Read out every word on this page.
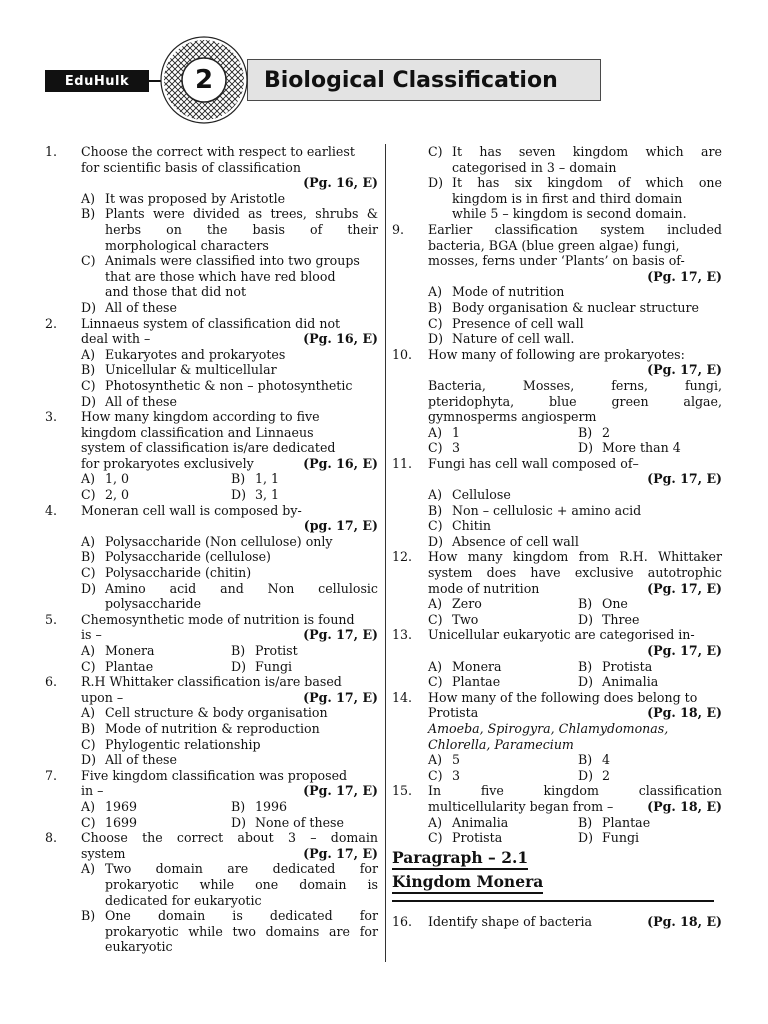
EduHulk	Biological Classification
2
1.	Choose the correct with respect to earliest
for scientific basis of classification
(Pg. 16, E)
A) It was proposed by Aristotle
B) Plants were divided as trees, shrubs &
herbs on the basis of their
morphological characters
C) Animals were classified into two groups
that are those which have red blood
and those that did not
D) All of these
2.	Linnaeus system of classification did not
deal with –	(Pg. 16, E)
A) Eukaryotes and prokaryotes
B) Unicellular & multicellular
C) Photosynthetic & non – photosynthetic
D) All of these
3.	How many kingdom according to five
kingdom classification and Linnaeus
system of classification is/are dedicated
for prokaryotes exclusively	(Pg. 16, E)
A) 1, 0	B) 1, 1
C) 2, 0	D) 3, 1
4.	Moneran cell wall is composed by-
(pg. 17, E)
A) Polysaccharide (Non cellulose) only
B) Polysaccharide (cellulose)
C) Polysaccharide (chitin)
D) Amino acid and Non cellulosic
polysaccharide
5.	Chemosynthetic mode of nutrition is found
is –	(Pg. 17, E)
A) Monera	B) Protist
C) Plantae	D) Fungi
6.	R.H Whittaker classification is/are based
upon –	(Pg. 17, E)
A) Cell structure & body organisation
B) Mode of nutrition & reproduction
C) Phylogentic relationship
D) All of these
7.	Five kingdom classification was proposed
in –	(Pg. 17, E)
A) 1969	B) 1996
C) 1699	D) None of these
8.	Choose the correct about 3 – domain
system	(Pg. 17, E)
A) Two domain are dedicated for
prokaryotic while one domain is
dedicated for eukaryotic
B) One domain is dedicated for
prokaryotic while two domains are for
eukaryotic
C) It has seven kingdom which are
categorised in 3 – domain
D) It has six kingdom of which one
kingdom is in first and third domain
while 5 – kingdom is second domain.
9.	Earlier classification system included
bacteria, BGA (blue green algae) fungi,
mosses, ferns under ‘Plants’ on basis of-
(Pg. 17, E)
A) Mode of nutrition
B) Body organisation & nuclear structure
C) Presence of cell wall
D) Nature of cell wall.
10.	How many of following are prokaryotes:
(Pg. 17, E)
Bacteria, Mosses, ferns, fungi,
pteridophyta, blue green algae,
gymnosperms angiosperm
A) 1	B) 2
C) 3	D) More than 4
11.	Fungi has cell wall composed of–
(Pg. 17, E)
A) Cellulose
B) Non – cellulosic + amino acid
C) Chitin
D) Absence of cell wall
12.	How many kingdom from R.H. Whittaker
system does have exclusive autotrophic
mode of nutrition	(Pg. 17, E)
A) Zero	B) One
C) Two	D) Three
13.	Unicellular eukaryotic are categorised in-
(Pg. 17, E)
A) Monera	B) Protista
C) Plantae	D) Animalia
14.	How many of the following does belong to
Protista	(Pg. 18, E)
Amoeba, Spirogyra, Chlamydomonas,
Chlorella, Paramecium
A) 5	B) 4
C) 3	D) 2
15.	In five kingdom classification
multicellularity began from –	(Pg. 18, E)
A) Animalia	B) Plantae
C) Protista	D) Fungi
Paragraph – 2.1
Kingdom Monera
16.	Identify shape of bacteria	(Pg. 18, E)
